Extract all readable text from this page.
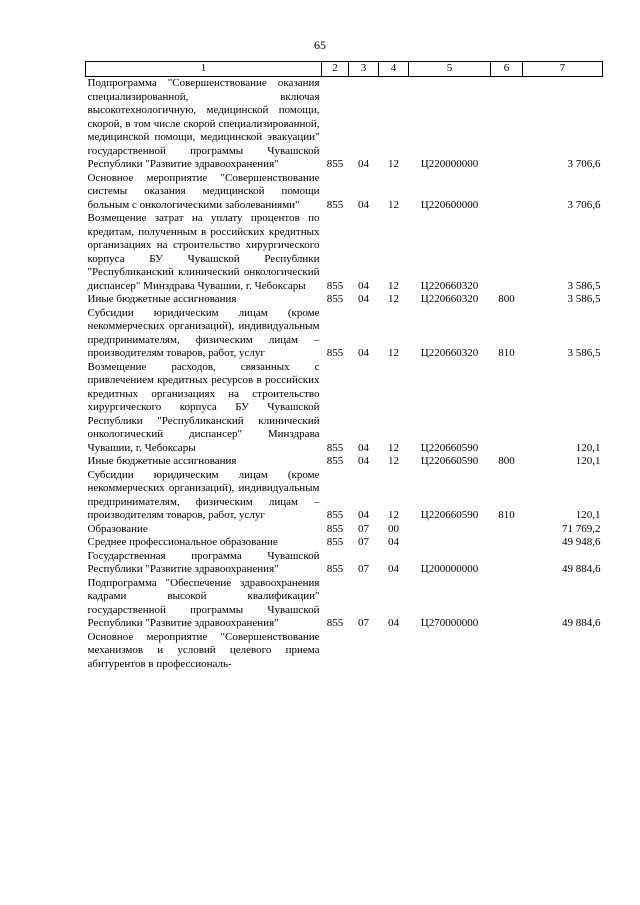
65
1	2	3	4	5	6	7
Подпрограмма "Совершенствование оказания специализированной, включая высокотехнологичную, медицинской помощи, скорой, в том числе скорой специализированной, медицинской помощи, медицинской эвакуации" государственной программы Чувашской Республики "Развитие здравоохранения"	855	04	12	Ц220000000		3 706,6
Основное мероприятие "Совершенствование системы оказания медицинской помощи больным с онкологическими заболеваниями"	855	04	12	Ц220600000		3 706,6
Возмещение затрат на уплату процентов по кредитам, полученным в российских кредитных организациях на строительство хирургического корпуса БУ Чувашской Республики "Республиканский клинический онкологический диспансер" Минздрава Чувашии, г. Чебоксары	855	04	12	Ц220660320		3 586,5
Иные бюджетные ассигнования	855	04	12	Ц220660320	800	3 586,5
Субсидии юридическим лицам (кроме некоммерческих организаций), индивидуальным предпринимателям, физическим лицам – производителям товаров, работ, услуг	855	04	12	Ц220660320	810	3 586,5
Возмещение расходов, связанных с привлечением кредитных ресурсов в российских кредитных организациях на строительство хирургического корпуса БУ Чувашской Республики "Республиканский клинический онкологический диспансер" Минздрава Чувашии, г. Чебоксары	855	04	12	Ц220660590		120,1
Иные бюджетные ассигнования	855	04	12	Ц220660590	800	120,1
Субсидии юридическим лицам (кроме некоммерческих организаций), индивидуальным предпринимателям, физическим лицам – производителям товаров, работ, услуг	855	04	12	Ц220660590	810	120,1
Образование	855	07	00			71 769,2
Среднее профессиональное образование	855	07	04			49 948,6
Государственная программа Чувашской Республики "Развитие здравоохранения"	855	07	04	Ц200000000		49 884,6
Подпрограмма "Обеспечение здравоохранения кадрами высокой квалификации" государственной программы Чувашской Республики "Развитие здравоохранения"	855	07	04	Ц270000000		49 884,6
Основное мероприятие "Совершенствование механизмов и условий целевого приема абитурентов в профессиональ-						
